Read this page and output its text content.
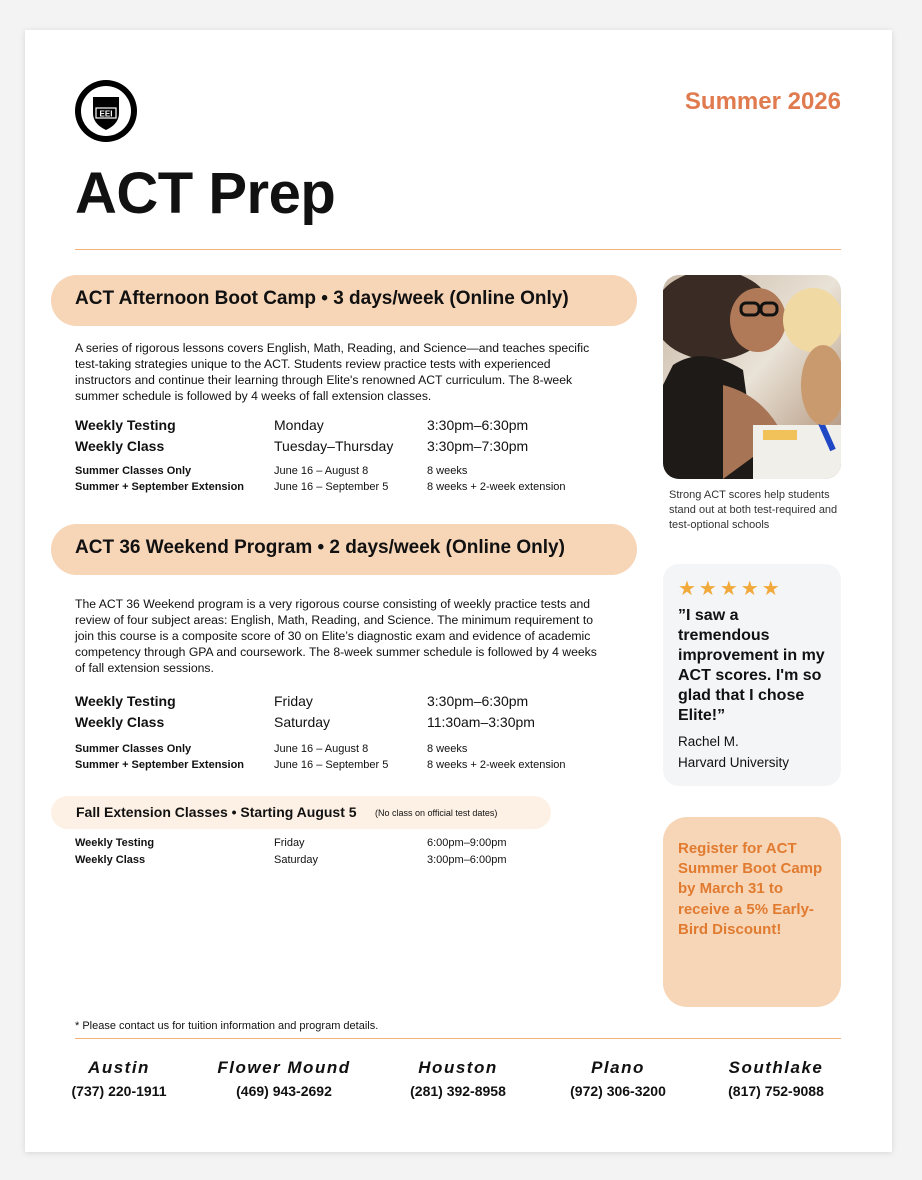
EEI	Summer 2026
ACT Prep
ACT Afternoon Boot Camp • 3 days/week (Online Only)
A series of rigorous lessons covers English, Math, Reading, and Science—and teaches specific test-taking strategies unique to the ACT. Students review practice tests with experienced instructors and continue their learning through Elite's renowned ACT curriculum. The 8-week summer schedule is followed by 4 weeks of fall extension classes.
Weekly Testing	Monday	3:30pm–6:30pm
Weekly Class	Tuesday–Thursday 3:30pm–7:30pm
Summer Classes Only	June 16 – August 8	8 weeks
Summer + September Extension	June 16 – September 5	8 weeks + 2-week extension
ACT 36 Weekend Program • 2 days/week (Online Only)
The ACT 36 Weekend program is a very rigorous course consisting of weekly practice tests and review of four subject areas: English, Math, Reading, and Science. The minimum requirement to join this course is a composite score of 30 on Elite’s diagnostic exam and evidence of academic competency through GPA and coursework. The 8-week summer schedule is followed by 4 weeks of fall extension sessions.
Weekly Testing	Friday	3:30pm–6:30pm
Weekly Class	Saturday	11:30am–3:30pm
Summer Classes Only	June 16 – August 8	8 weeks
Summer + September Extension	June 16 – September 5	8 weeks + 2-week extension
Fall Extension Classes • Starting August 5 (No class on official test dates)
Weekly Testing	Friday	6:00pm–9:00pm
Weekly Class	Saturday	3:00pm–6:00pm
Strong ACT scores help students stand out at both test-required and test-optional schools
★★★★★
”I saw a tremendous improvement in my ACT scores. I'm so glad that I chose Elite!”
Rachel M.
Harvard University
Register for ACT Summer Boot Camp by March 31 to receive a 5% Early-Bird Discount!
* Please contact us for tuition information and program details.
Austin
(737) 220-1911
Flower Mound
(469) 943-2692
Houston
(281) 392-8958
Plano
(972) 306-3200
Southlake
(817) 752-9088
